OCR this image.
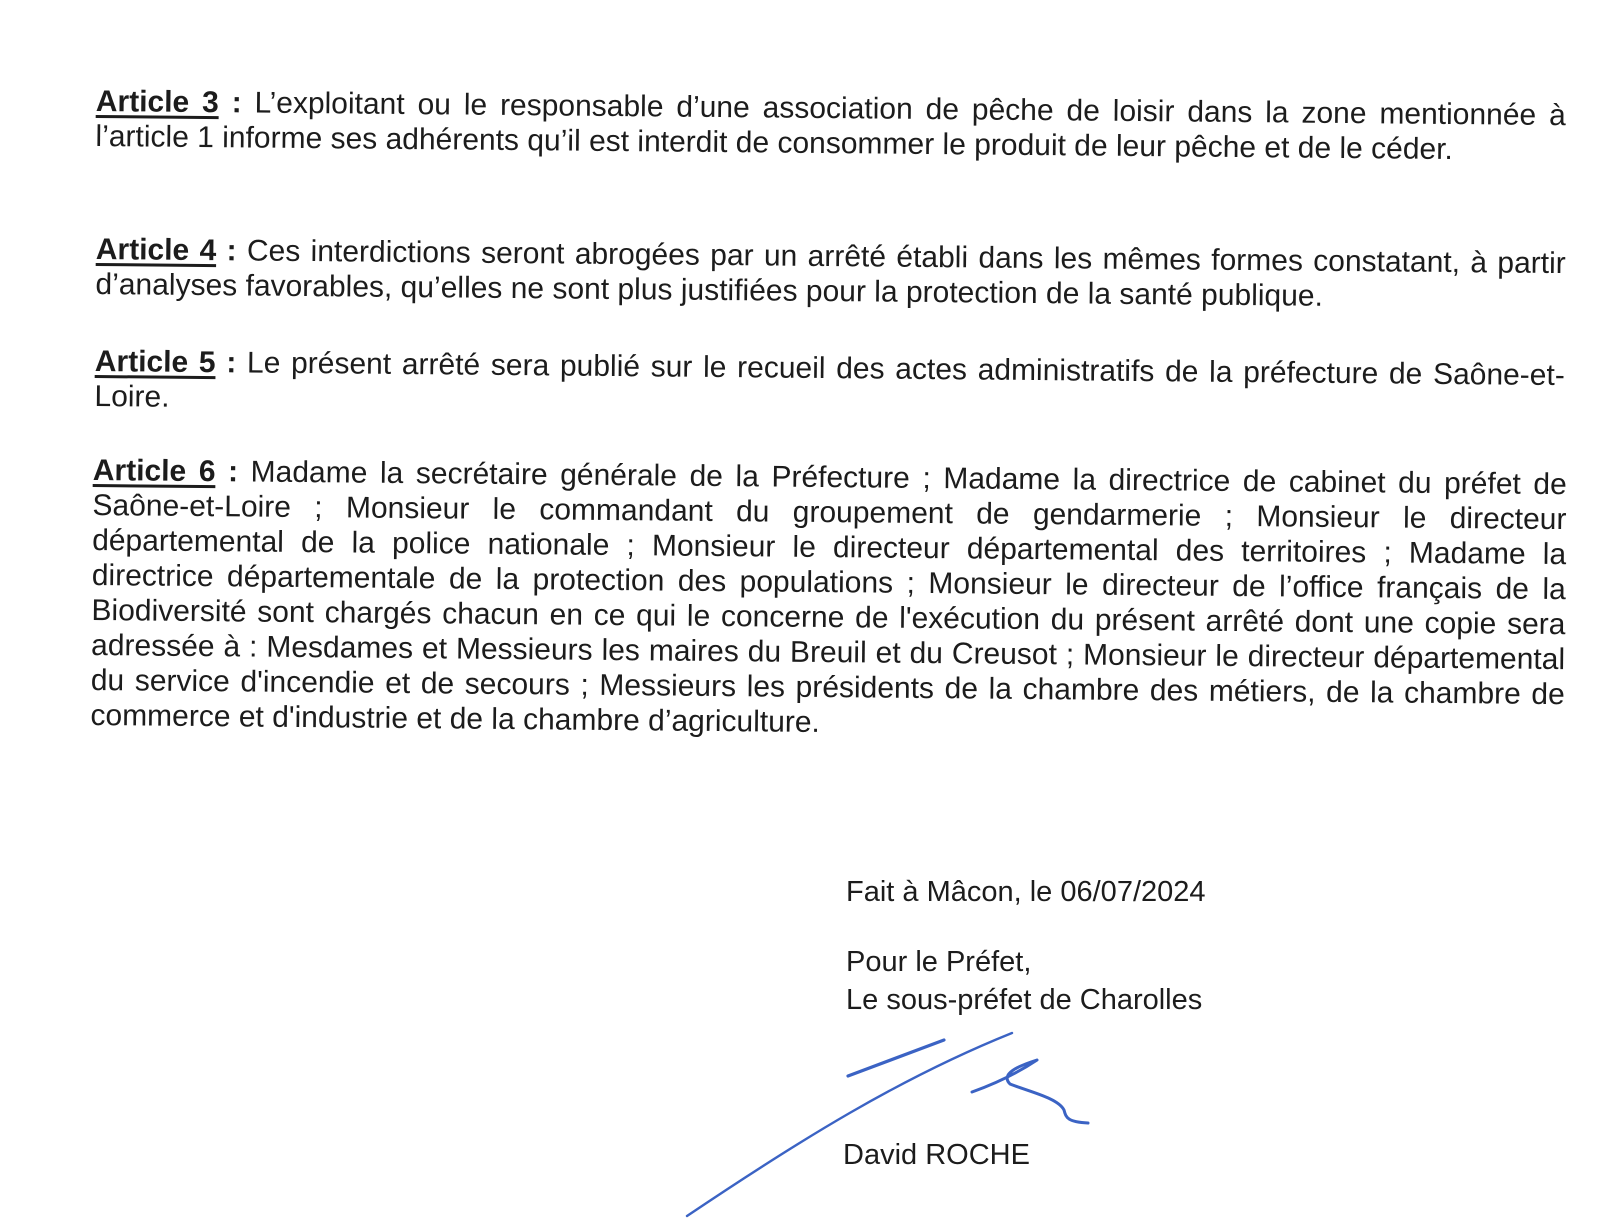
Article 3 : L’exploitant ou le responsable d’une association de pêche de loisir dans la zone mentionnée à l’article 1 informe ses adhérents qu’il est interdit de consommer le produit de leur pêche et de le céder.
Article 4 : Ces interdictions seront abrogées par un arrêté établi dans les mêmes formes constatant, à partir d’analyses favorables, qu’elles ne sont plus justifiées pour la protection de la santé publique.
Article 5 : Le présent arrêté sera publié sur le recueil des actes administratifs de la préfecture de Saône-et-Loire.
Article 6 : Madame la secrétaire générale de la Préfecture ; Madame la directrice de cabinet du préfet de Saône-et-Loire ; Monsieur le commandant du groupement de gendarmerie ; Monsieur le directeur départemental de la police nationale ; Monsieur le directeur départemental des territoires ; Madame la directrice départementale de la protection des populations ; Monsieur le directeur de l’office français de la Biodiversité sont chargés chacun en ce qui le concerne de l'exécution du présent arrêté dont une copie sera adressée à : Mesdames et Messieurs les maires du Breuil et du Creusot ; Monsieur le directeur départemental du service d'incendie et de secours ; Messieurs les présidents de la chambre des métiers, de la chambre de commerce et d'industrie et de la chambre d’agriculture.

Fait à Mâcon, le 06/07/2024

Pour le Préfet,

Le sous-préfet de Charolles

David ROCHE
